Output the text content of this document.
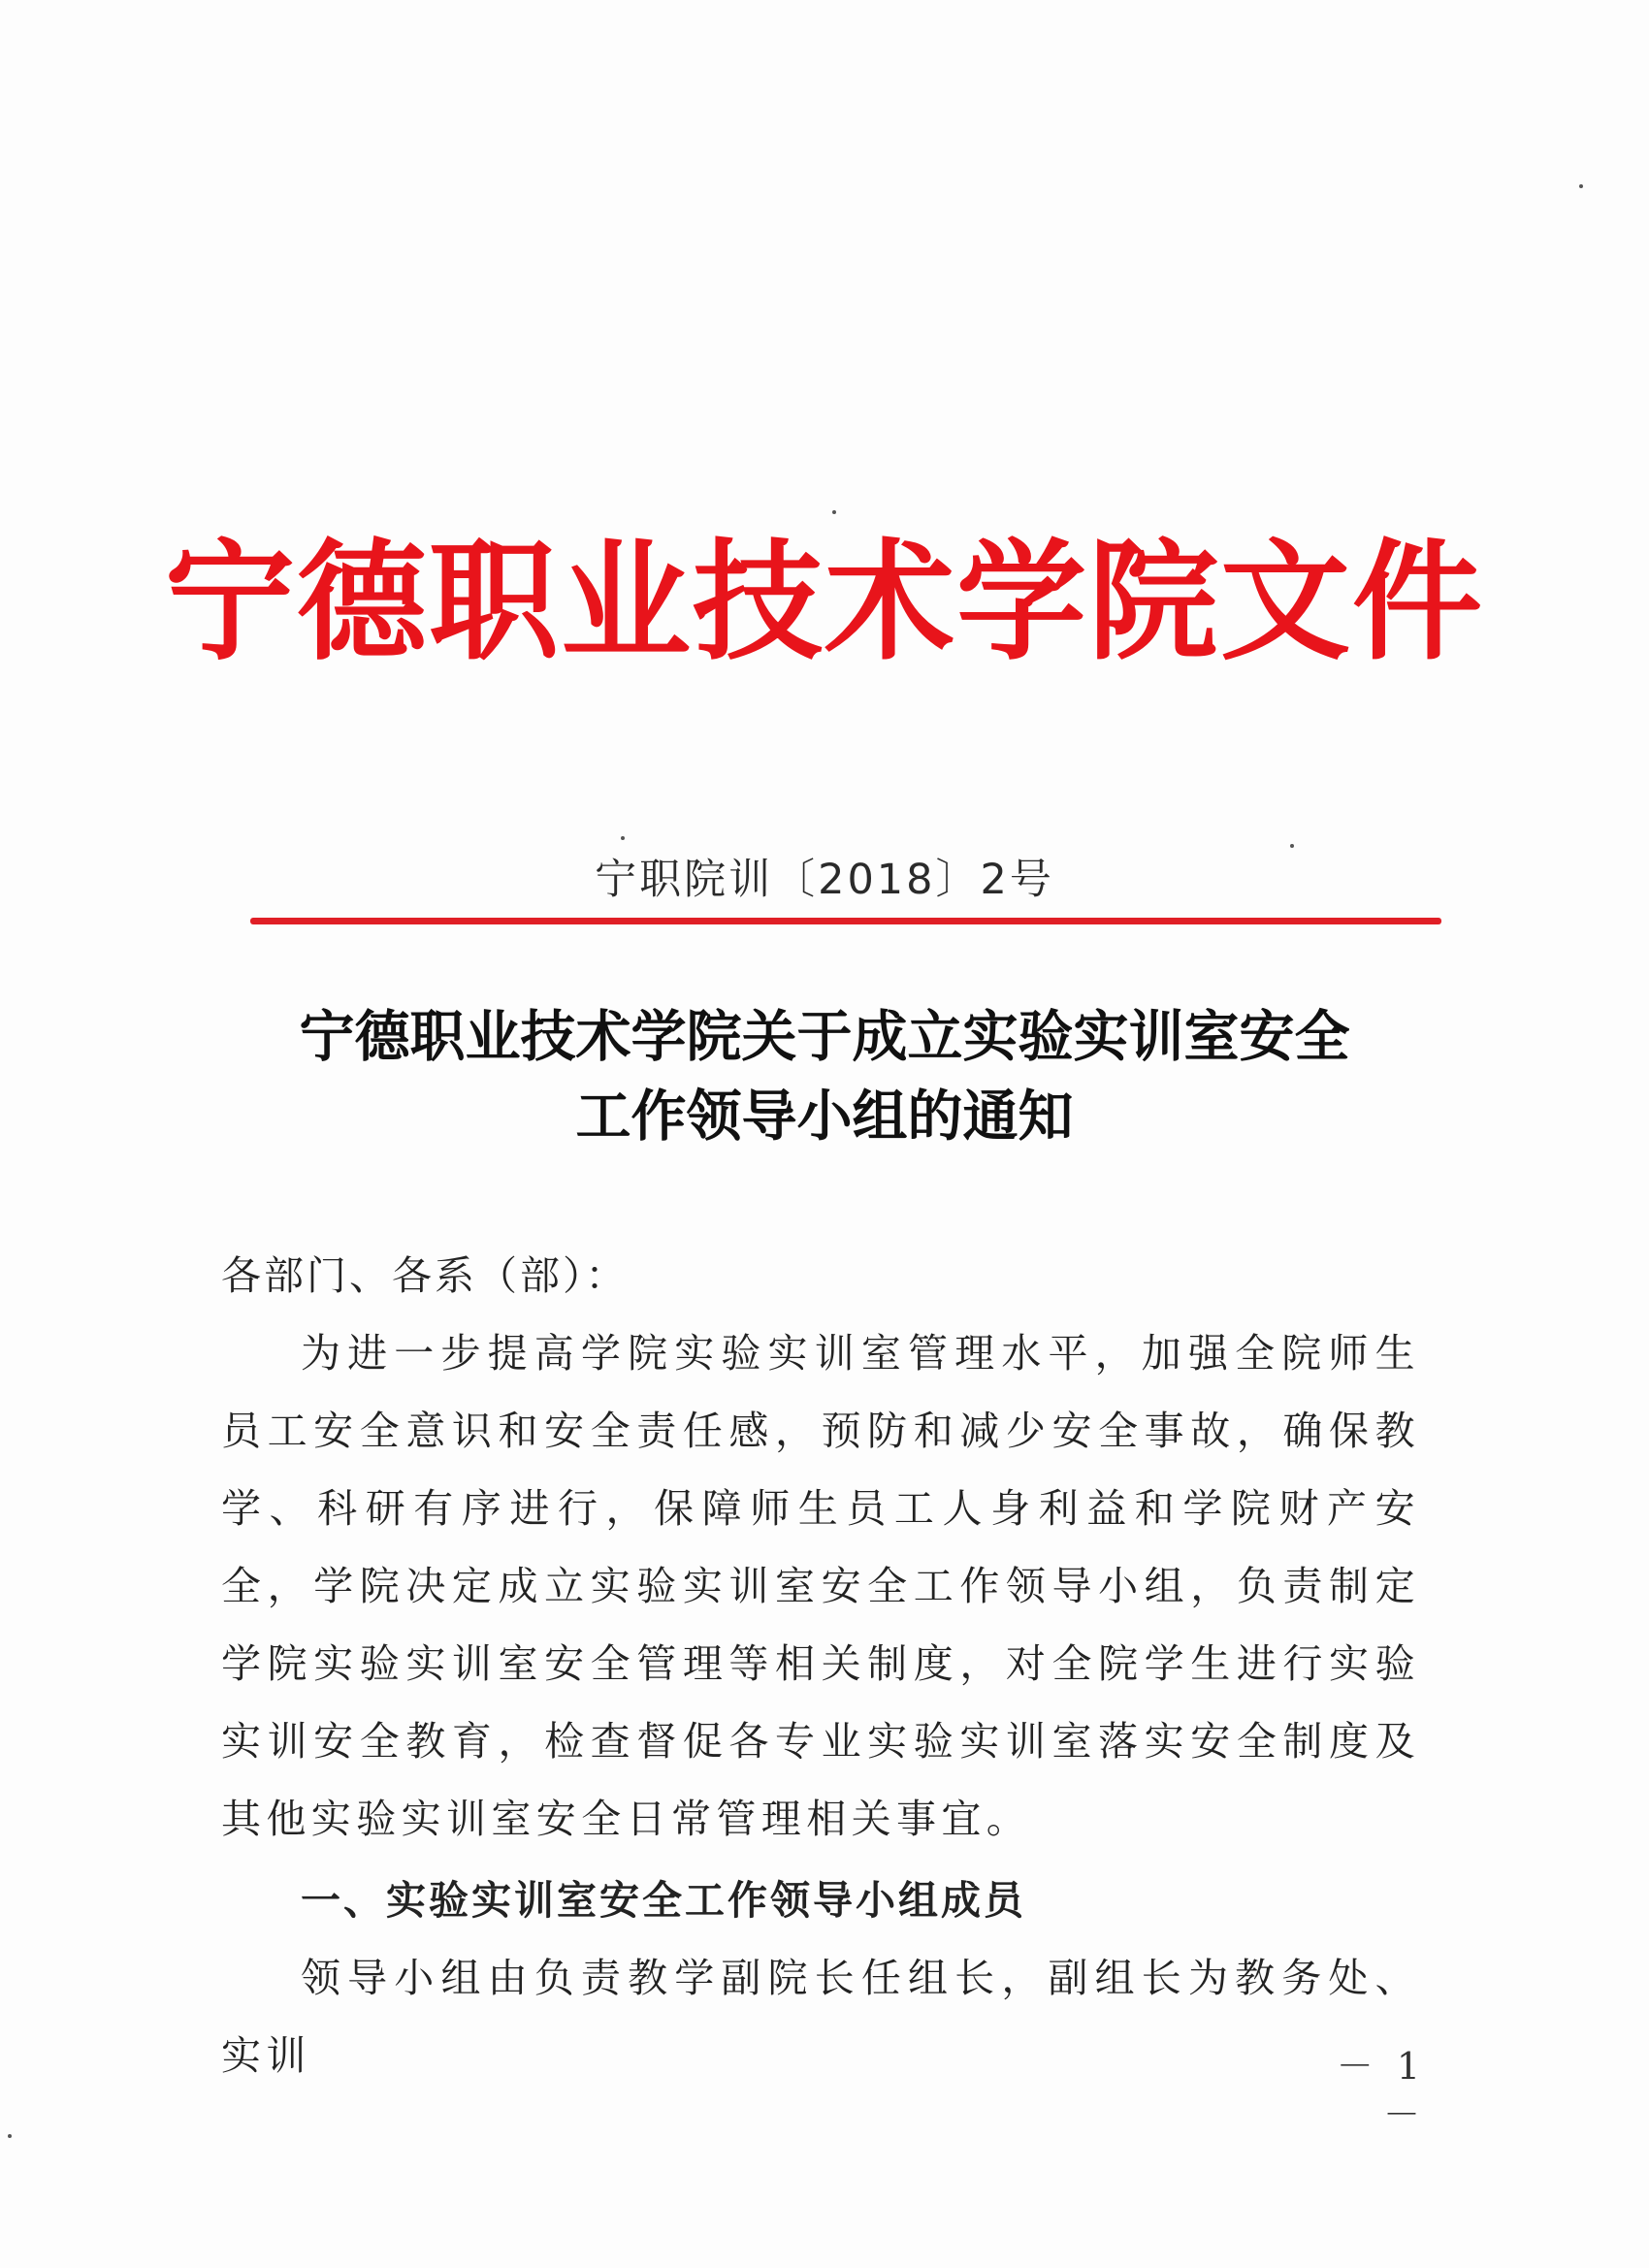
宁德职业技术学院文件
宁职院训〔2018〕2号
宁德职业技术学院关于成立实验实训室安全
工作领导小组的通知
各部门、各系（部）：
为进一步提高学院实验实训室管理水平，加强全院师生员工安全意识和安全责任感，预防和减少安全事故，确保教学、科研有序进行，保障师生员工人身利益和学院财产安全，学院决定成立实验实训室安全工作领导小组，负责制定学院实验实训室安全管理等相关制度，对全院学生进行实验实训安全教育，检查督促各专业实验实训室落实安全制度及其他实验实训室安全日常管理相关事宜。
一、实验实训室安全工作领导小组成员
领导小组由负责教学副院长任组长，副组长为教务处、实训	－ 1 －
